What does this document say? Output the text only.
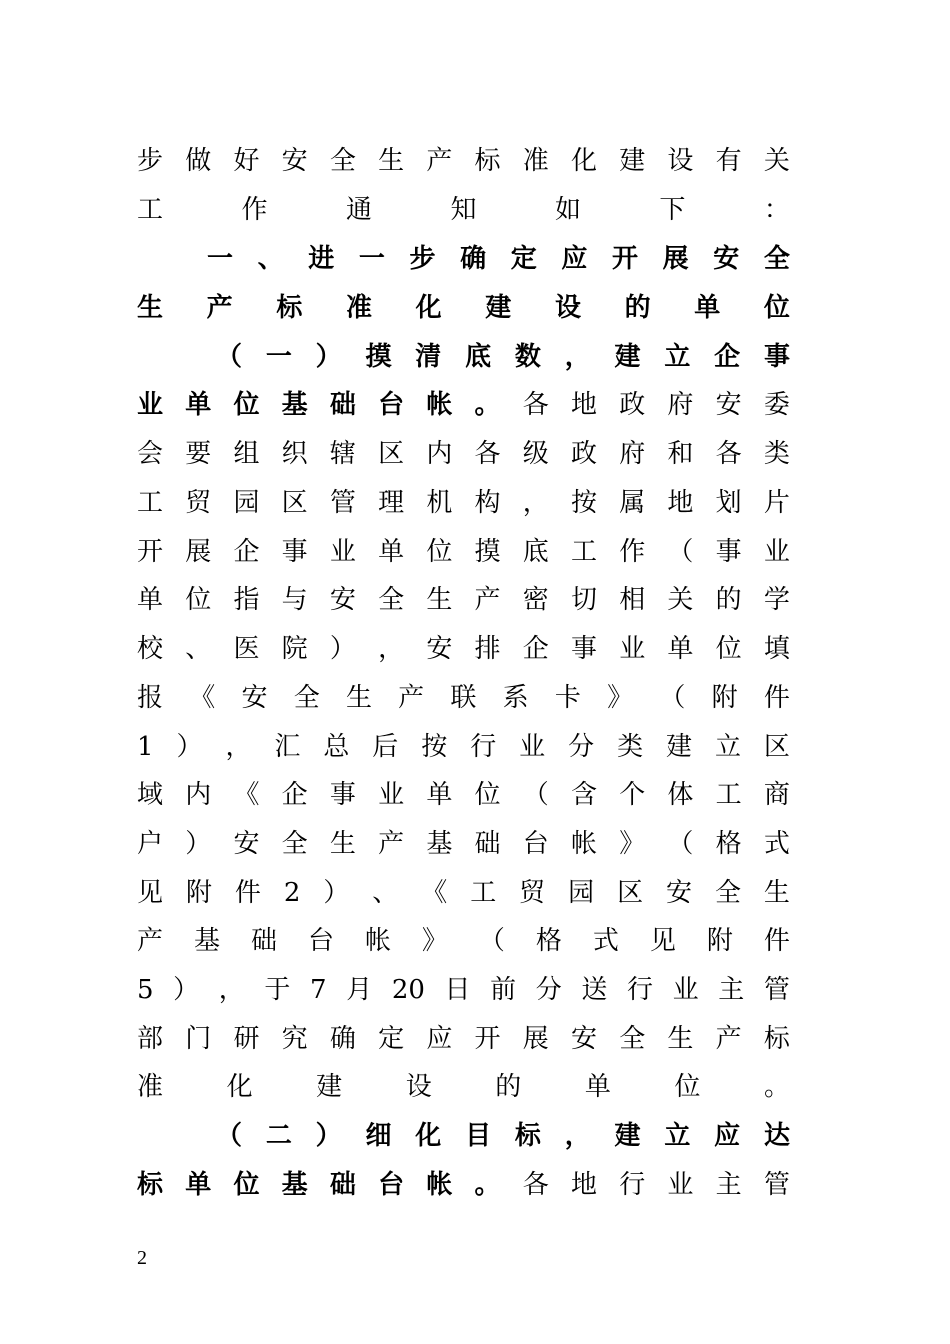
步 做 好 安 全 生 产 标 准 化 建 设 有 关
工	作	通	知	如	下	：
一 、 进 一 步 确 定 应 开 展 安 全
生 产 标 准 化 建 设 的 单 位
（ 一 ） 摸 清 底 数 ， 建 立 企 事
业 单 位 基 础 台 帐 。 各 地 政 府 安 委
会 要 组 织 辖 区 内 各 级 政 府 和 各 类
工 贸 园 区 管 理 机 构 ， 按 属 地 划 片
开 展 企 事 业 单 位 摸 底 工 作 （ 事 业
单 位 指 与 安 全 生 产 密 切 相 关 的 学
校 、 医 院 ） ， 安 排 企 事 业 单 位 填
报 《 安 全 生 产 联 系 卡 》 （ 附 件
1 ） ， 汇 总 后 按 行 业 分 类 建 立 区
域 内 《 企 事 业 单 位 （ 含 个 体 工 商
户 ） 安 全 生 产 基 础 台 帐 》 （ 格 式
见 附 件 2 ） 、 《 工 贸 园 区 安 全 生
产 基 础 台 帐 》 （ 格 式 见 附 件
5 ） ， 于 7 月 20 日 前 分 送 行 业 主 管
部 门 研 究 确 定 应 开 展 安 全 生 产 标
准 化 建 设 的 单 位 。
（ 二 ） 细 化 目 标 ， 建 立 应 达
标 单 位 基 础 台 帐 。 各 地 行 业 主 管
2
